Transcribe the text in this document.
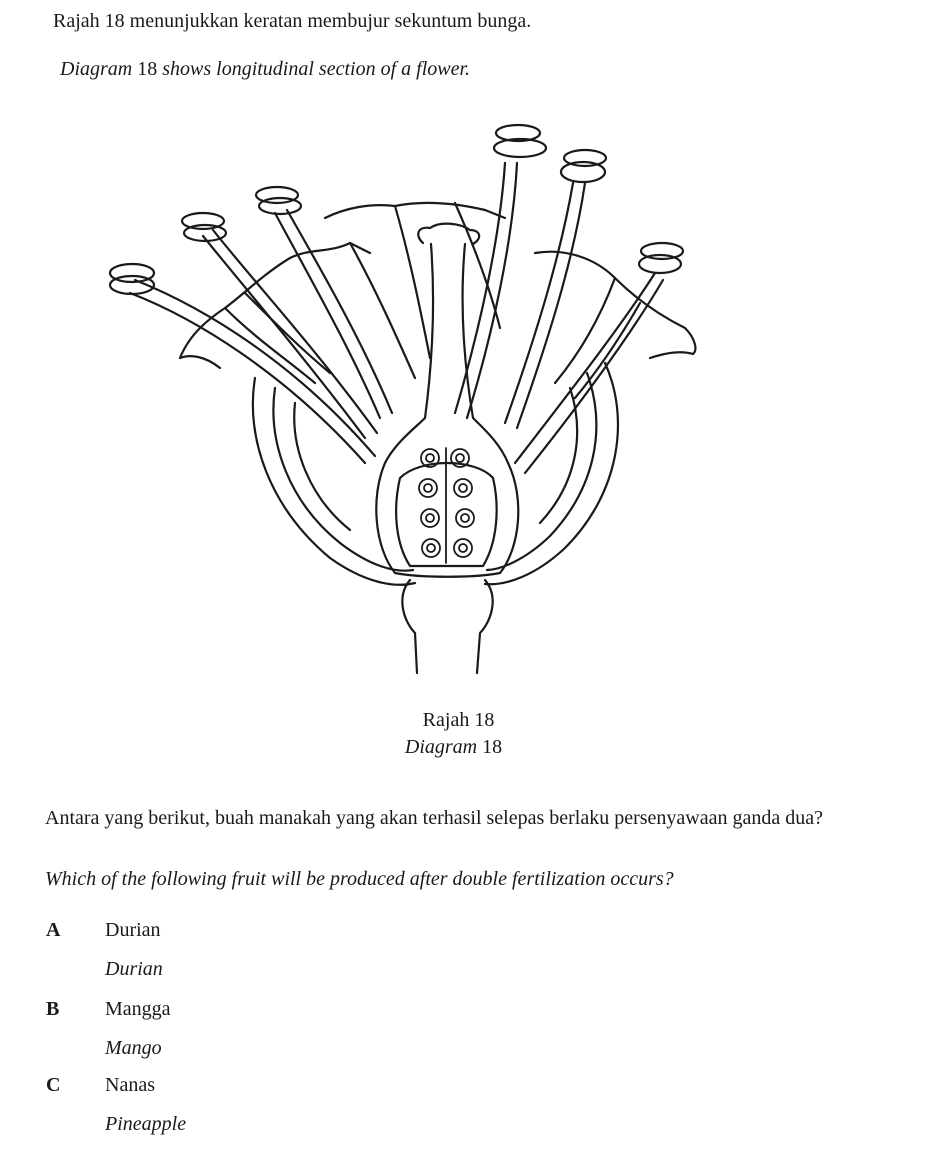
Rajah 18 menunjukkan keratan membujur sekuntum bunga.
Diagram 18 shows longitudinal section of a flower.
Rajah 18
Diagram 18
Antara yang berikut, buah manakah yang akan terhasil selepas berlaku persenyawaan ganda dua?
Which of the following fruit will be produced after double fertilization occurs?
A Durian
Durian
B Mangga
Mango
C Nanas
Pineapple
